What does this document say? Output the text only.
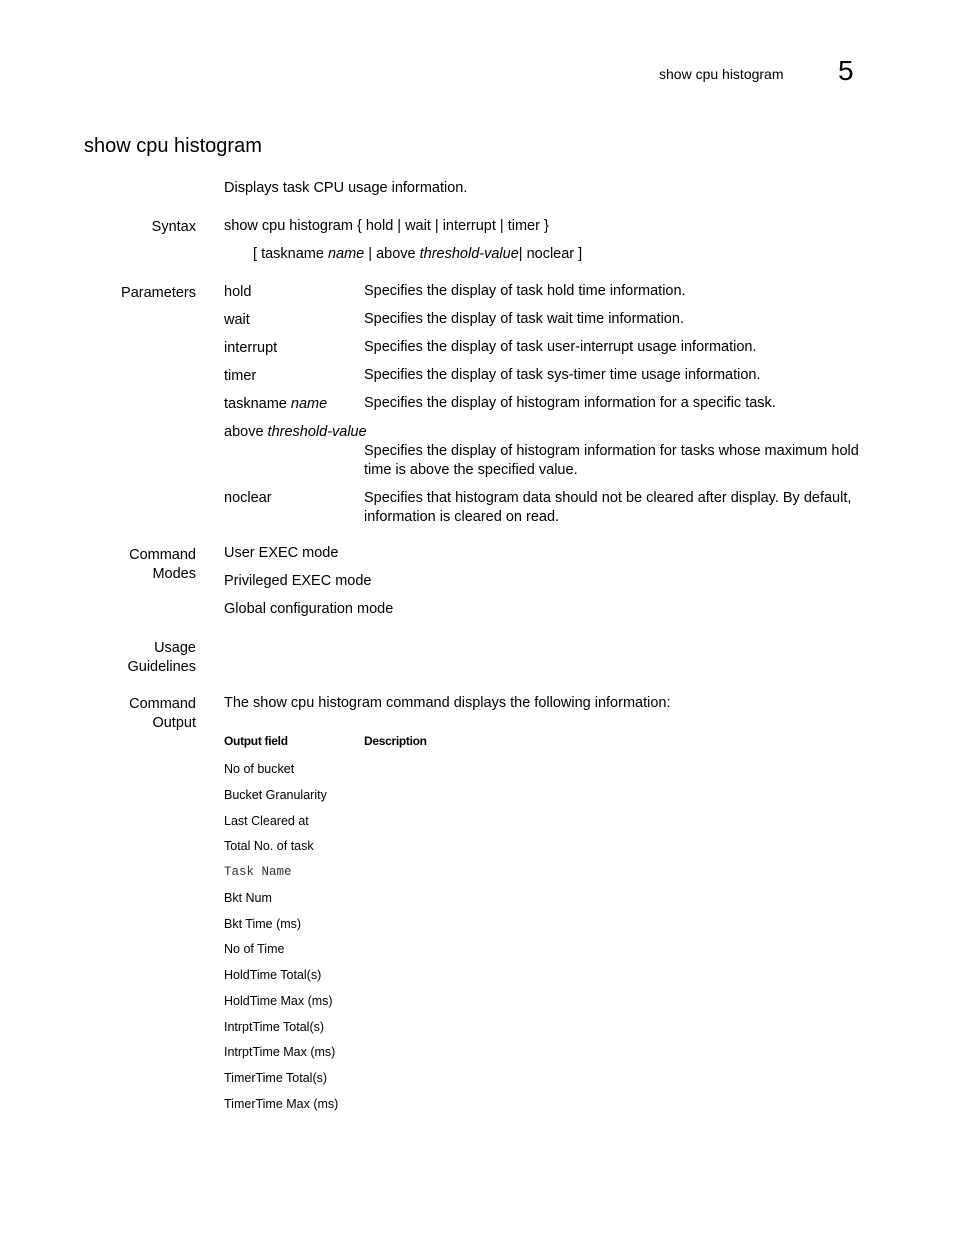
show cpu histogram 5
show cpu histogram
Displays task CPU usage information.
Syntax show cpu histogram { hold | wait | interrupt | timer }
[ taskname name | above threshold-value| noclear ]
Parameters hold	Specifies the display of task hold time information.
wait	Specifies the display of task wait time information.
interrupt	Specifies the display of task user-interrupt usage information.
timer	Specifies the display of task sys-timer time usage information.
taskname name	Specifies the display of histogram information for a specific task.
above threshold-value
Specifies the display of histogram information for tasks whose maximum hold time is above the specified value.
noclear	Specifies that histogram data should not be cleared after display. By default, information is cleared on read.
Command
Modes
User EXEC mode
Privileged EXEC mode
Global configuration mode
Usage
Guidelines
Command
Output
The show cpu histogram command displays the following information:
Output field	Description
No of bucket
Bucket Granularity
Last Cleared at
Total No. of task
Task Name
Bkt Num
Bkt Time (ms)
No of Time
HoldTime Total(s)
HoldTime Max (ms)
IntrptTime Total(s)
IntrptTime Max (ms)
TimerTime Total(s)
TimerTime Max (ms)
